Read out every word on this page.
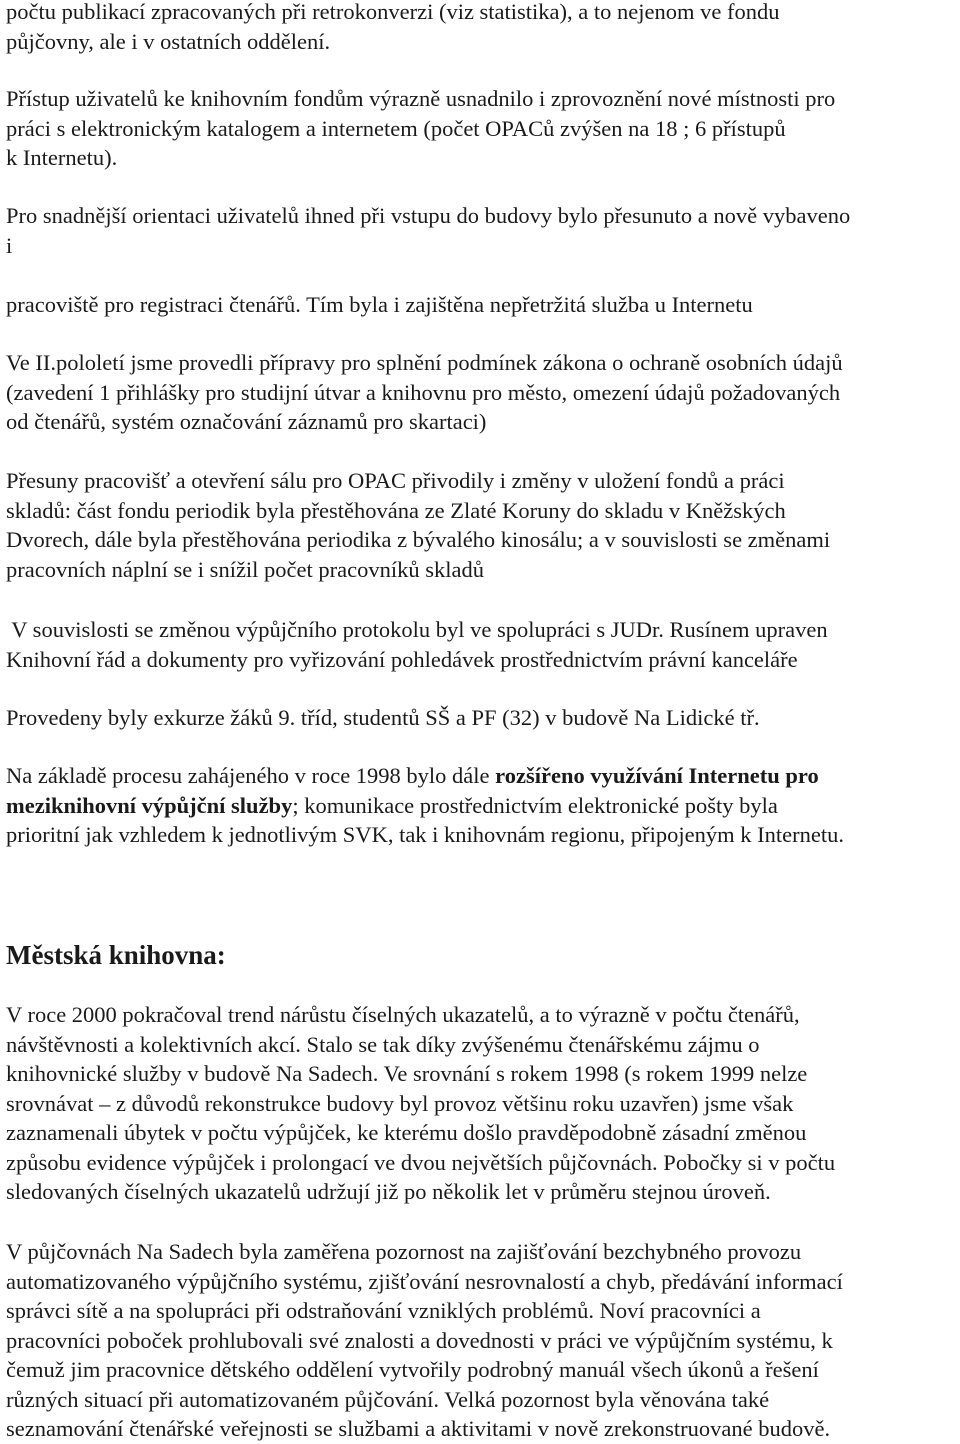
počtu publikací zpracovaných při retrokonverzi (viz statistika), a to nejenom ve fondu
půjčovny, ale i v ostatních oddělení.
Přístup uživatelů ke knihovním fondům výrazně usnadnilo i zprovoznění nové místnosti pro
práci s elektronickým katalogem a internetem (počet OPACů zvýšen na 18 ; 6 přístupů
k Internetu).
Pro snadnější orientaci uživatelů ihned při vstupu do budovy bylo přesunuto a nově vybaveno
i
pracoviště pro registraci čtenářů. Tím byla i zajištěna nepřetržitá služba u Internetu
Ve II.pololetí jsme provedli přípravy pro splnění podmínek zákona o ochraně osobních údajů
(zavedení 1 přihlášky pro studijní útvar a knihovnu pro město, omezení údajů požadovaných
od čtenářů, systém označování záznamů pro skartaci)
Přesuny pracovišť a otevření sálu pro OPAC přivodily i změny v uložení fondů a práci
skladů: část fondu periodik byla přestěhována ze Zlaté Koruny do skladu v Kněžských
Dvorech, dále byla přestěhována periodika z bývalého kinosálu; a v souvislosti se změnami
pracovních náplní se i snížil počet pracovníků skladů
V souvislosti se změnou výpůjčního protokolu byl ve spolupráci s JUDr. Rusínem upraven
Knihovní řád a dokumenty pro vyřizování pohledávek prostřednictvím právní kanceláře
Provedeny byly exkurze žáků 9. tříd, studentů SŠ a PF (32) v budově Na Lidické tř.
Na základě procesu zahájeného v roce 1998 bylo dále rozšířeno využívání Internetu pro
meziknihovní výpůjční služby; komunikace prostřednictvím elektronické pošty byla
prioritní jak vzhledem k jednotlivým SVK, tak i knihovnám regionu, připojeným k Internetu.
Městská knihovna:
V roce 2000 pokračoval trend nárůstu číselných ukazatelů, a to výrazně v počtu čtenářů,
návštěvnosti a kolektivních akcí. Stalo se tak díky zvýšenému čtenářskému zájmu o
knihovnické služby v budově Na Sadech. Ve srovnání s rokem 1998 (s rokem 1999 nelze
srovnávat – z důvodů rekonstrukce budovy byl provoz většinu roku uzavřen) jsme však
zaznamenali úbytek v počtu výpůjček, ke kterému došlo pravděpodobně zásadní změnou
způsobu evidence výpůjček i prolongací ve dvou největších půjčovnách. Pobočky si v počtu
sledovaných číselných ukazatelů udržují již po několik let v průměru stejnou úroveň.
V půjčovnách Na Sadech byla zaměřena pozornost na zajišťování bezchybného provozu
automatizovaného výpůjčního systému, zjišťování nesrovnalostí a chyb, předávání informací
správci sítě a na spolupráci při odstraňování vzniklých problémů. Noví pracovníci a
pracovníci poboček prohlubovali své znalosti a dovednosti v práci ve výpůjčním systému, k
čemuž jim pracovnice dětského oddělení vytvořily podrobný manuál všech úkonů a řešení
různých situací při automatizovaném půjčování. Velká pozornost byla věnována také
seznamování čtenářské veřejnosti se službami a aktivitami v nově zrekonstruované budově.
